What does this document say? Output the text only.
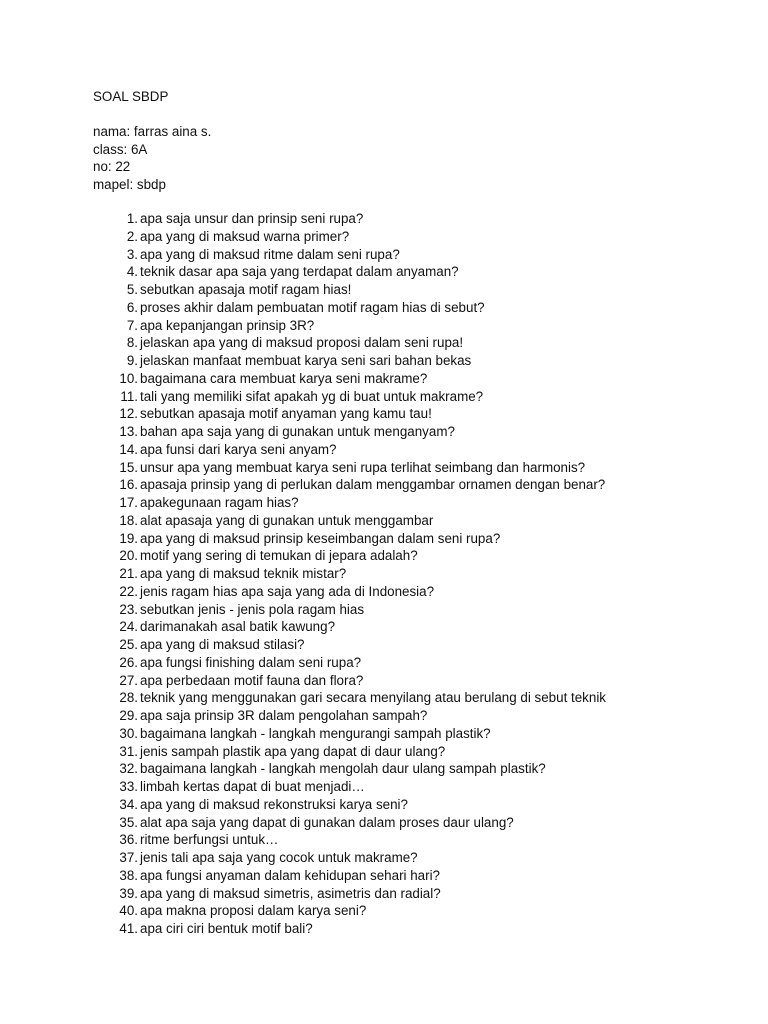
SOAL SBDP
nama: farras aina s.
class: 6A
no: 22
mapel: sbdp
1. apa saja unsur dan prinsip seni rupa?
2. apa yang di maksud warna primer?
3. apa yang di maksud ritme dalam seni rupa?
4. teknik dasar apa saja yang terdapat dalam anyaman?
5. sebutkan apasaja motif ragam hias!
6. proses akhir dalam pembuatan motif ragam hias di sebut?
7. apa kepanjangan prinsip 3R?
8. jelaskan apa yang di maksud proposi dalam seni rupa!
9. jelaskan manfaat membuat karya seni sari bahan bekas
10. bagaimana cara membuat karya seni makrame?
11. tali yang memiliki sifat apakah yg di buat untuk makrame?
12. sebutkan apasaja motif anyaman yang kamu tau!
13. bahan apa saja yang di gunakan untuk menganyam?
14. apa funsi dari karya seni anyam?
15. unsur apa yang membuat karya seni rupa terlihat seimbang dan harmonis?
16. apasaja prinsip yang di perlukan dalam menggambar ornamen dengan benar?
17. apakegunaan ragam hias?
18. alat apasaja yang di gunakan untuk menggambar
19. apa yang di maksud prinsip keseimbangan dalam seni rupa?
20. motif yang sering di temukan di jepara adalah?
21. apa yang di maksud teknik mistar?
22. jenis ragam hias apa saja yang ada di Indonesia?
23. sebutkan jenis - jenis pola ragam hias
24. darimanakah asal batik kawung?
25. apa yang di maksud stilasi?
26. apa fungsi finishing dalam seni rupa?
27. apa perbedaan motif fauna dan flora?
28. teknik yang menggunakan gari secara menyilang atau berulang di sebut teknik
29. apa saja prinsip 3R dalam pengolahan sampah?
30. bagaimana langkah - langkah mengurangi sampah plastik?
31. jenis sampah plastik apa yang dapat di daur ulang?
32. bagaimana langkah - langkah mengolah daur ulang sampah plastik?
33. limbah kertas dapat di buat menjadi…
34. apa yang di maksud rekonstruksi karya seni?
35. alat apa saja yang dapat di gunakan dalam proses daur ulang?
36. ritme berfungsi untuk…
37. jenis tali apa saja yang cocok untuk makrame?
38. apa fungsi anyaman dalam kehidupan sehari hari?
39. apa yang di maksud simetris, asimetris dan radial?
40. apa makna proposi dalam karya seni?
41. apa ciri ciri bentuk motif bali?
